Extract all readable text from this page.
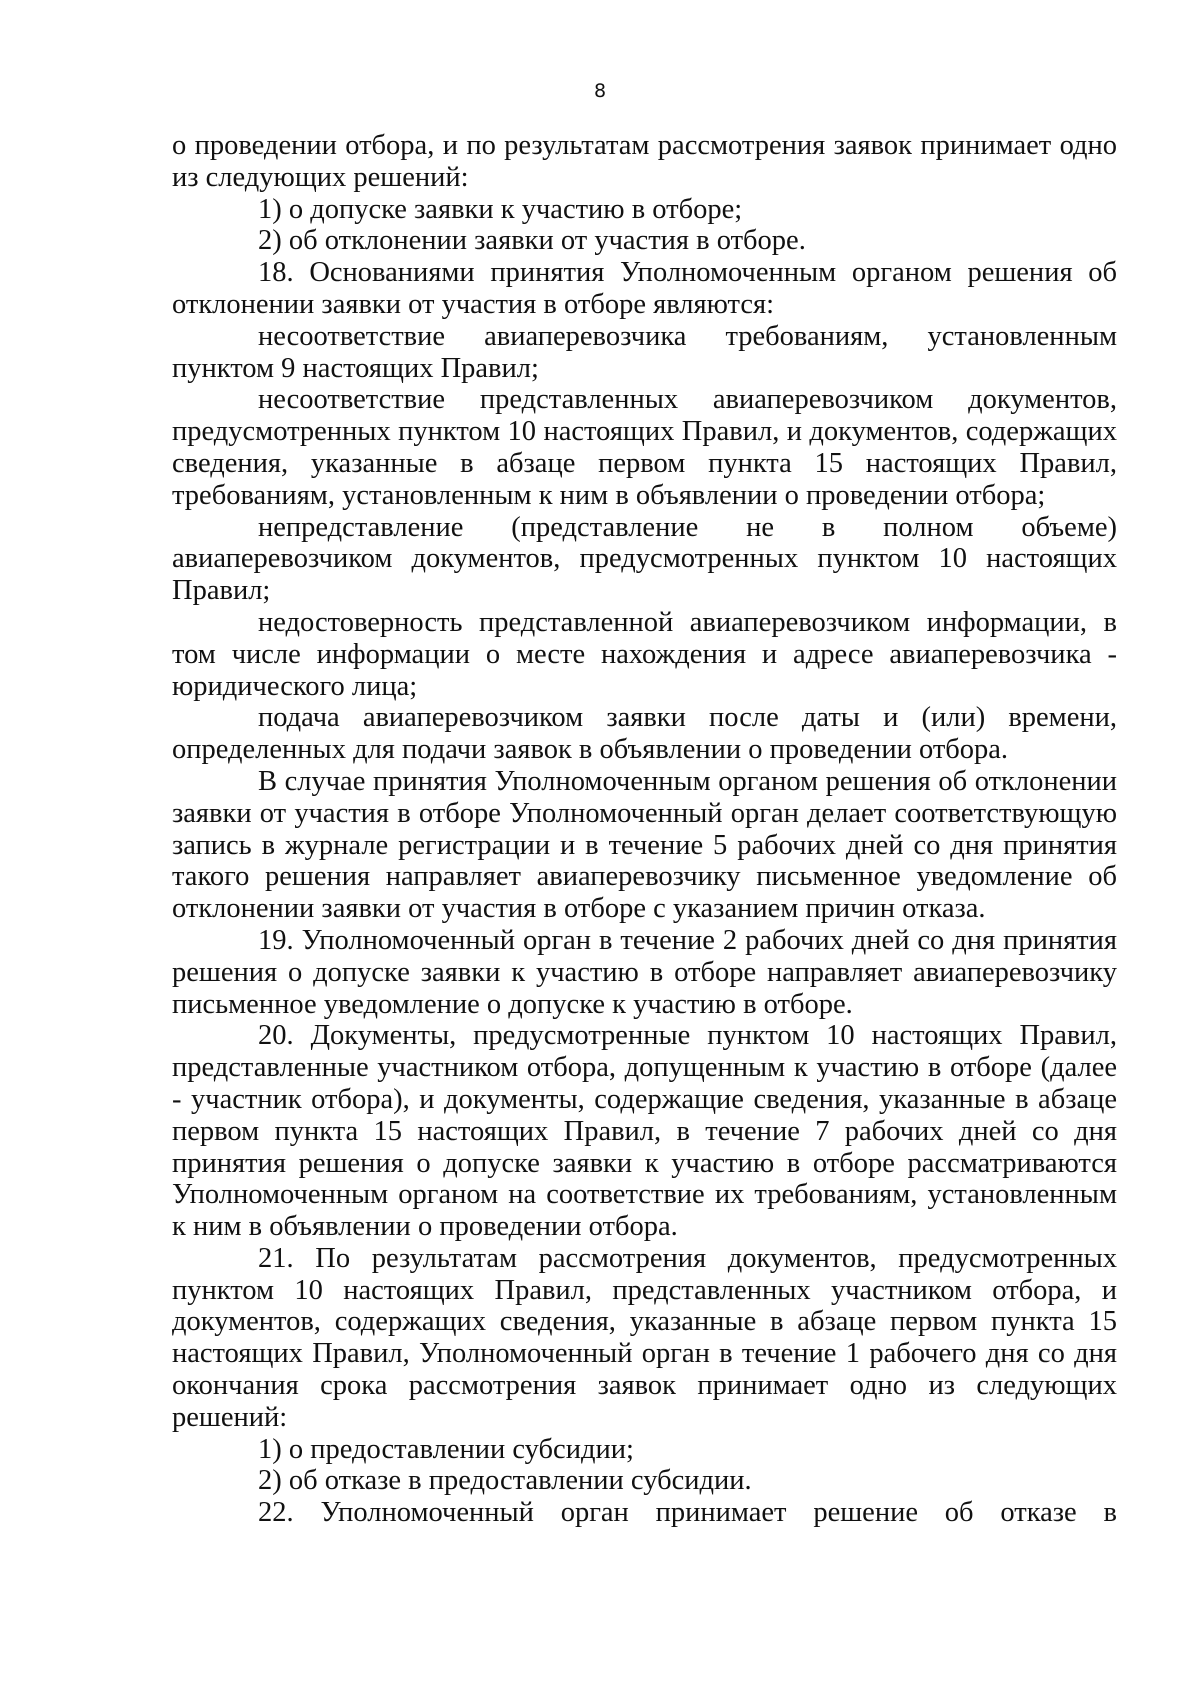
8

о проведении отбора, и по результатам рассмотрения заявок принимает одно из следующих решений:

1) о допуске заявки к участию в отборе;

2) об отклонении заявки от участия в отборе.

18. Основаниями принятия Уполномоченным органом решения об отклонении заявки от участия в отборе являются:

несоответствие авиаперевозчика требованиям, установленным пунктом 9 настоящих Правил;

несоответствие представленных авиаперевозчиком документов, предусмотренных пунктом 10 настоящих Правил, и документов, содержащих сведения, указанные в абзаце первом пункта 15 настоящих Правил, требованиям, установленным к ним в объявлении о проведении отбора;

непредставление (представление не в полном объеме) авиаперевозчиком документов, предусмотренных пунктом 10 настоящих Правил;

недостоверность представленной авиаперевозчиком информации, в том числе информации о месте нахождения и адресе авиаперевозчика - юридического лица;

подача авиаперевозчиком заявки после даты и (или) времени, определенных для подачи заявок в объявлении о проведении отбора.

В случае принятия Уполномоченным органом решения об отклонении заявки от участия в отборе Уполномоченный орган делает соответствующую запись в журнале регистрации и в течение 5 рабочих дней со дня принятия такого решения направляет авиаперевозчику письменное уведомление об отклонении заявки от участия в отборе с указанием причин отказа.

19. Уполномоченный орган в течение 2 рабочих дней со дня принятия решения о допуске заявки к участию в отборе направляет авиаперевозчику письменное уведомление о допуске к участию в отборе.

20. Документы, предусмотренные пунктом 10 настоящих Правил, представленные участником отбора, допущенным к участию в отборе (далее - участник отбора), и документы, содержащие сведения, указанные в абзаце первом пункта 15 настоящих Правил, в течение 7 рабочих дней со дня принятия решения о допуске заявки к участию в отборе рассматриваются Уполномоченным органом на соответствие их требованиям, установленным к ним в объявлении о проведении отбора.

21. По результатам рассмотрения документов, предусмотренных пунктом 10 настоящих Правил, представленных участником отбора, и документов, содержащих сведения, указанные в абзаце первом пункта 15 настоящих Правил, Уполномоченный орган в течение 1 рабочего дня со дня окончания срока рассмотрения заявок принимает одно из следующих решений:

1) о предоставлении субсидии;

2) об отказе в предоставлении субсидии.

22. Уполномоченный орган принимает решение об отказе в
